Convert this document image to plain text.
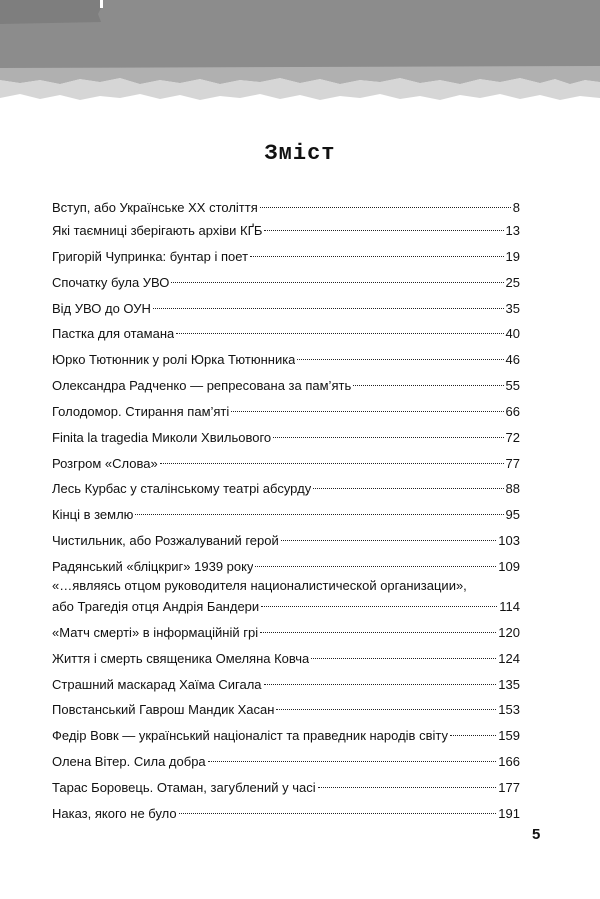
Зміст
Вступ, або Українське XX століття	8
Які таємниці зберігають архіви КҐБ	13
Григорій Чупринка: бунтар і поет	19
Спочатку була УВО	25
Від УВО до ОУН	35
Пастка для отамана	40
Юрко Тютюнник у ролі Юрка Тютюнника	46
Олександра Радченко — репресована за пам’ять	55
Голодомор. Стирання пам’яті	66
Finita la tragedia Миколи Хвильового	72
Розгром «Слова»	77
Лесь Курбас у сталінському театрі абсурду	88
Кінці в землю	95
Чистильник, або Розжалуваний герой	103
Радянський «бліцкриг» 1939 року	109
«…являясь отцом руководителя националистической организации»,
або Трагедія отця Андрія Бандери	114
«Матч смерті» в інформаційній грі	120
Життя і смерть священика Омеляна Ковча	124
Страшний маскарад Хаїма Сигала	135
Повстанський Гаврош Мандик Хасан	153
Федір Вовк — український націоналіст та праведник народів світу	159
Олена Вітер. Сила добра	166
Тарас Боровець. Отаман, загублений у часі	177
Наказ, якого не було	191
5
